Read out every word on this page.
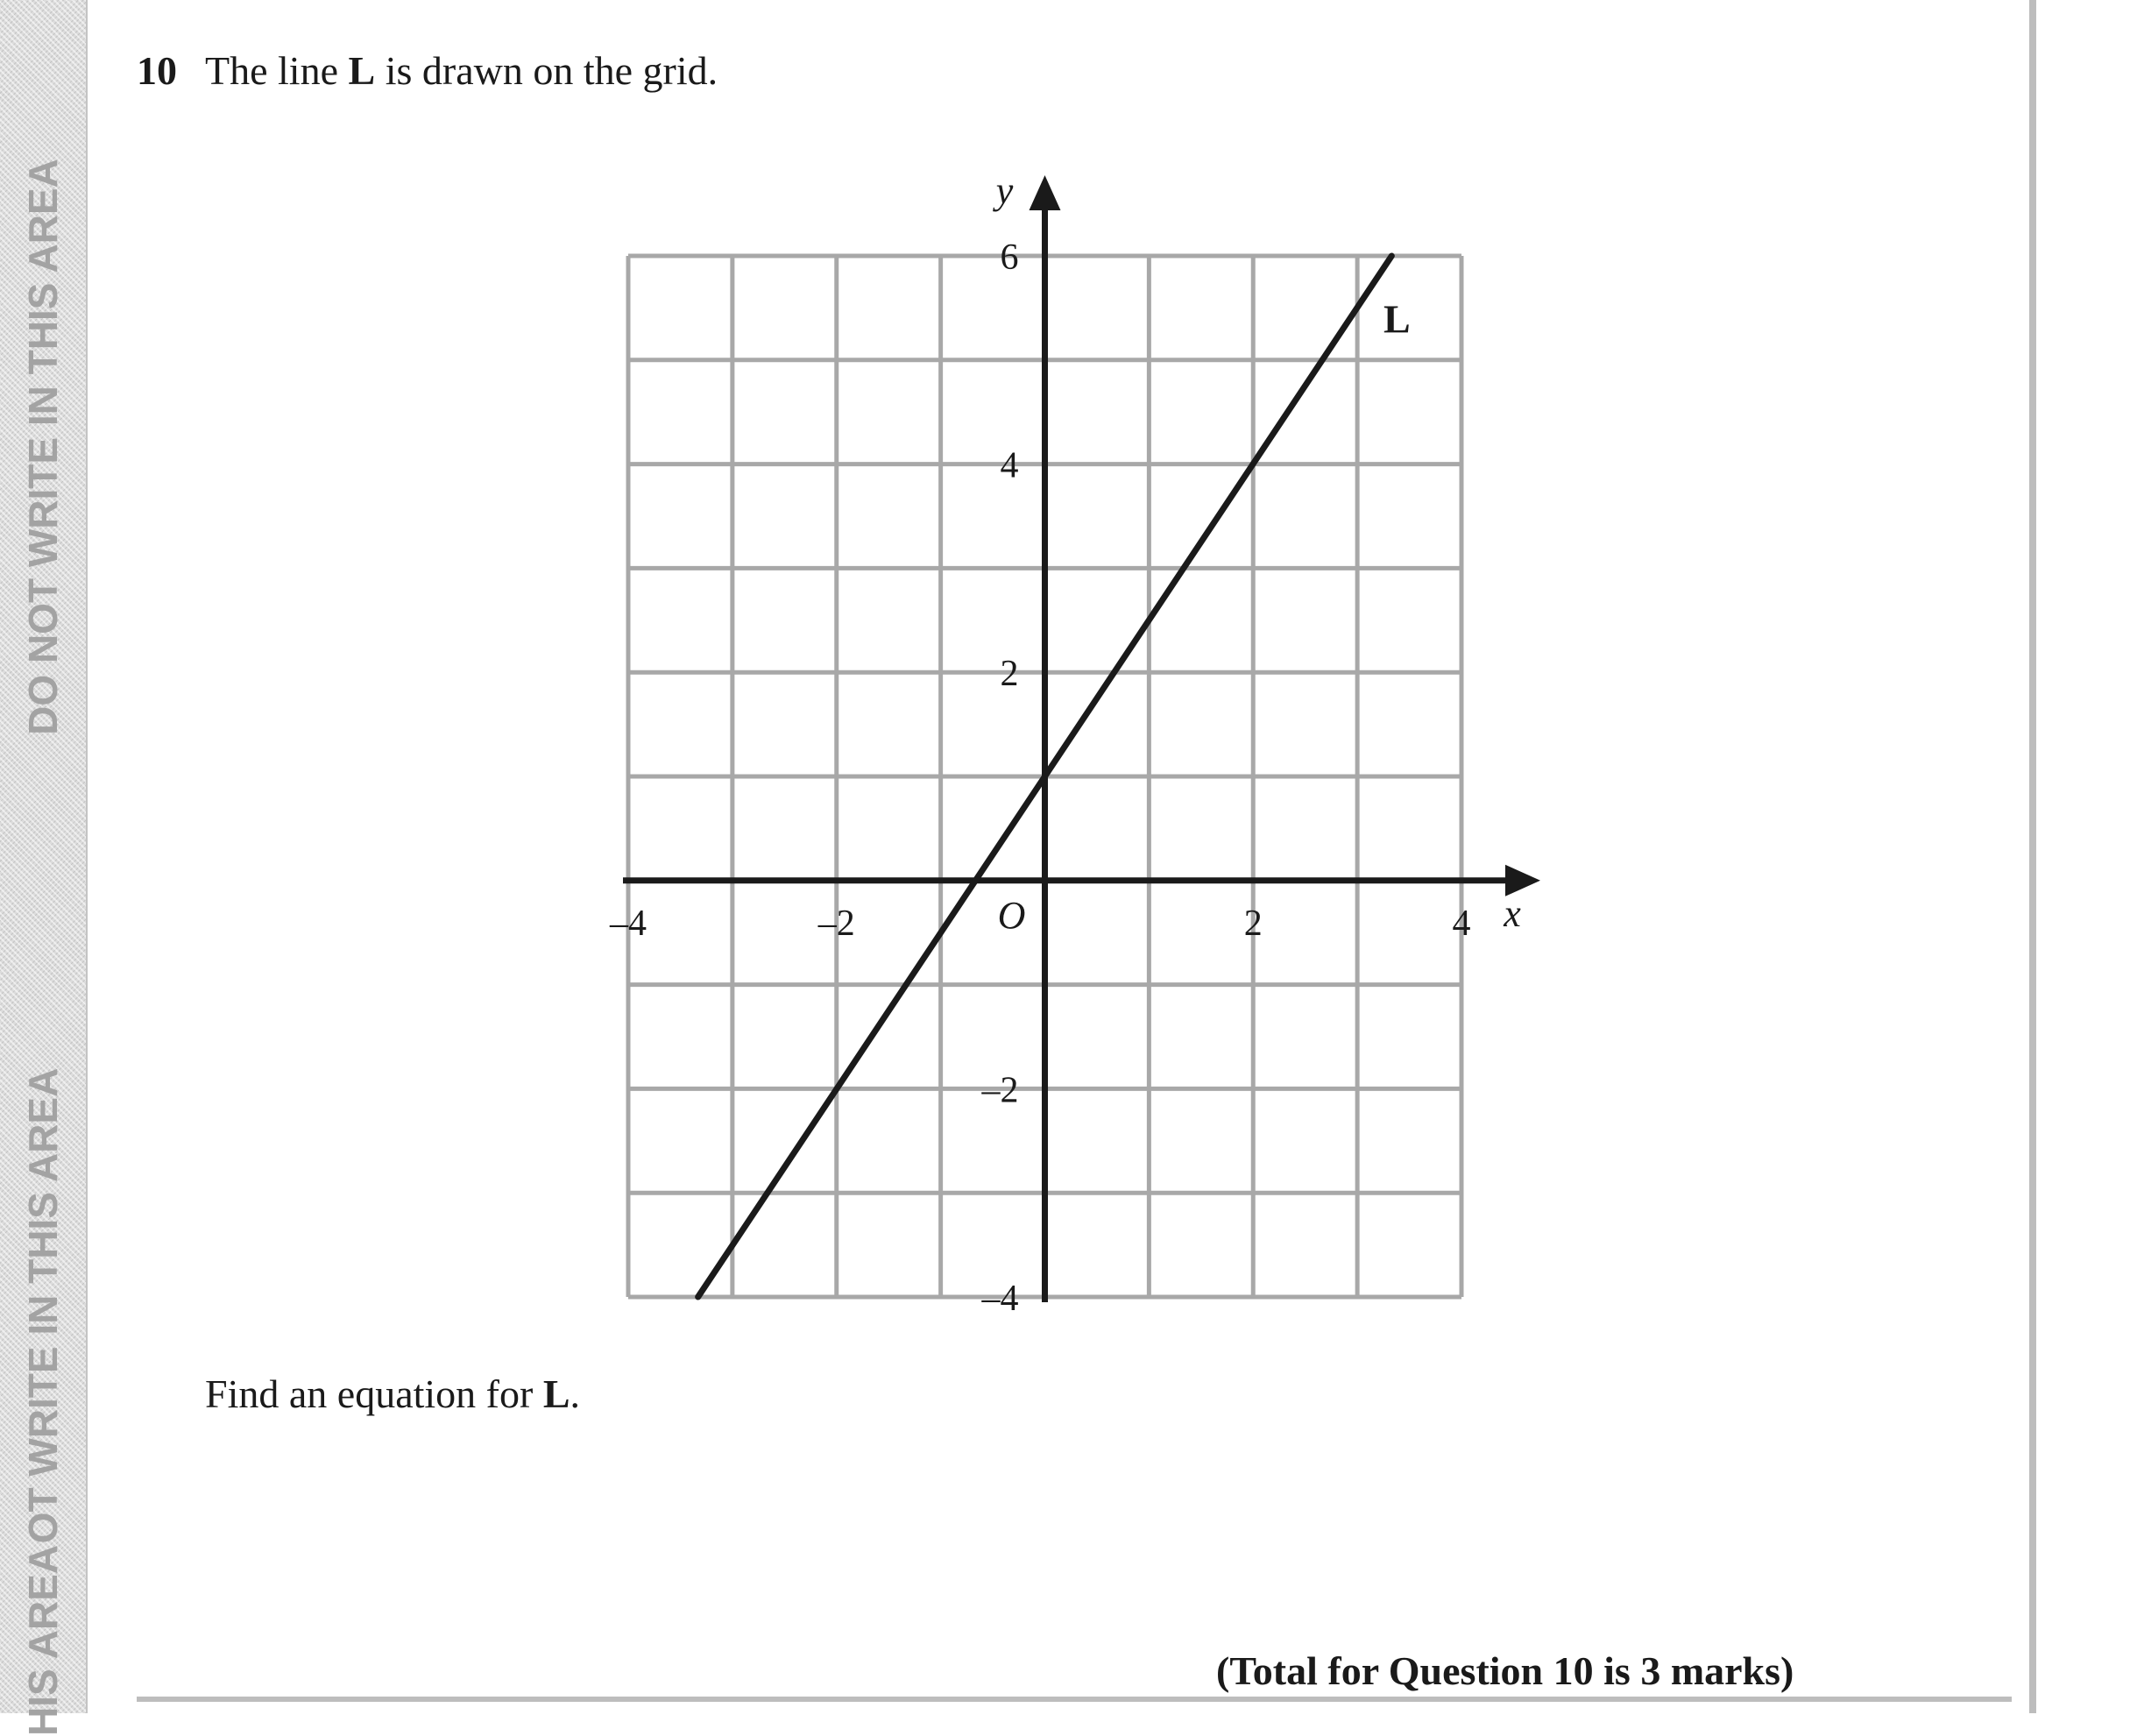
DO NOT WRITE IN THIS AREA
OT WRITE IN THIS AREA
HIS AREA
10 The line L is drawn on the grid.
x
y
O
–4	–2	2	4
–4
–2
2
4
6
L
Find an equation for L.
(Total for Question 10 is 3 marks)
